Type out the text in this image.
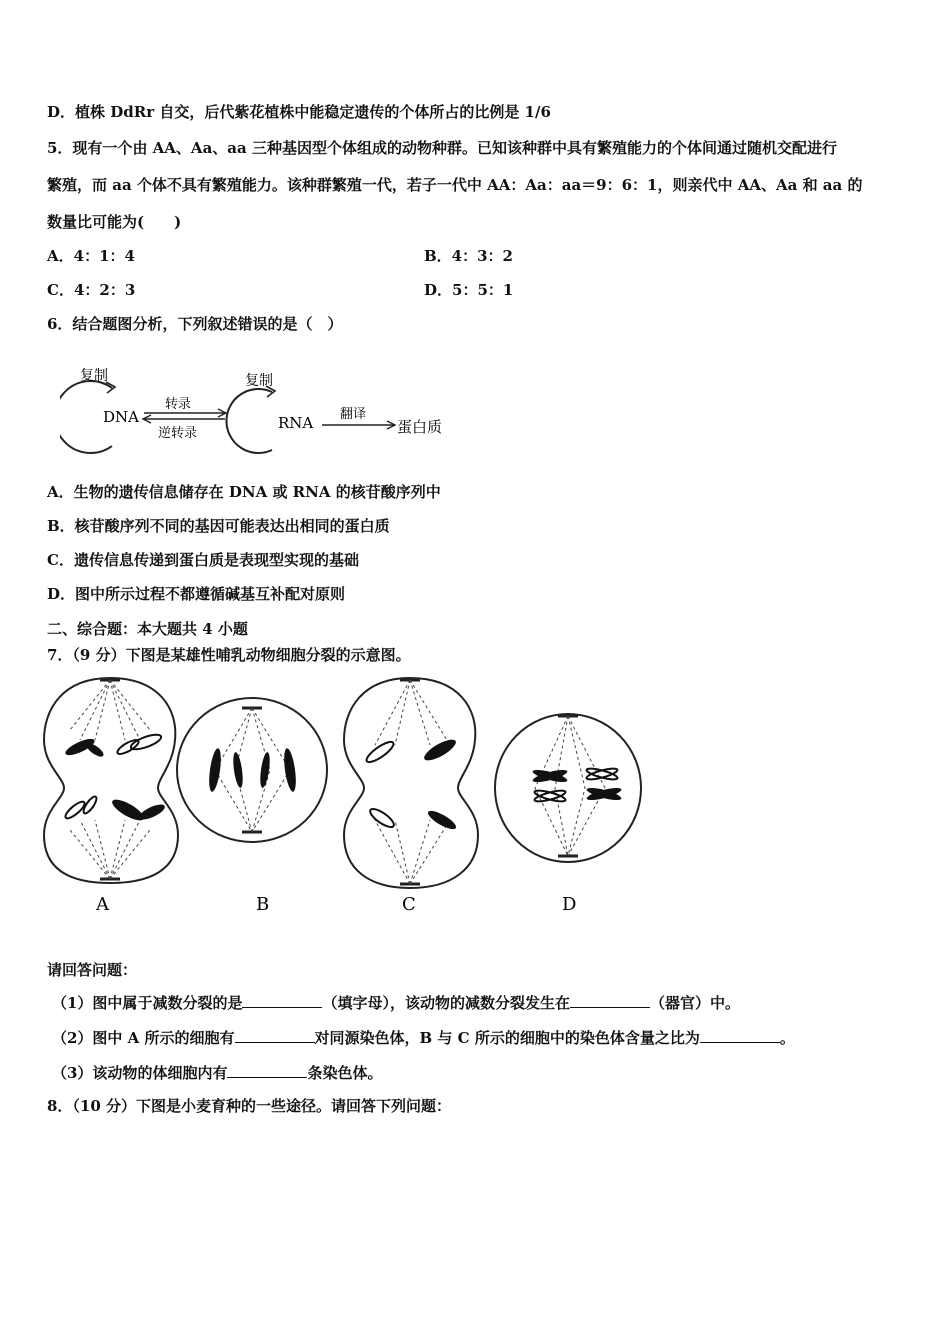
D．植株 DdRr 自交，后代紫花植株中能稳定遗传的个体所占的比例是 1/6
5．现有一个由 AA、Aa、aa 三种基因型个体组成的动物种群。已知该种群中具有繁殖能力的个体间通过随机交配进行
繁殖，而 aa 个体不具有繁殖能力。该种群繁殖一代，若子一代中 AA：Aa：aa＝9：6：1，则亲代中 AA、Aa 和 aa 的
数量比可能为(　　)
A．4：1：4	B．4：3：2
C．4：2：3	D．5：5：1
6．结合题图分析，下列叙述错误的是（　）
复制
DNA
转录
逆转录
复制
RNA 翻译
蛋白质
A．生物的遗传信息储存在 DNA 或 RNA 的核苷酸序列中
B．核苷酸序列不同的基因可能表达出相同的蛋白质
C．遗传信息传递到蛋白质是表现型实现的基础
D．图中所示过程不都遵循碱基互补配对原则
二、综合题：本大题共 4 小题
7．（9 分）下图是某雄性哺乳动物细胞分裂的示意图。
A	B	C	D
请回答问题：
（1）图中属于减数分裂的是	（填字母），该动物的减数分裂发生在	（器官）中。
（2）图中 A 所示的细胞有	对同源染色体，B 与 C 所示的细胞中的染色体含量之比为	。
（3）该动物的体细胞内有	条染色体。
8．（10 分）下图是小麦育种的一些途径。请回答下列问题：
